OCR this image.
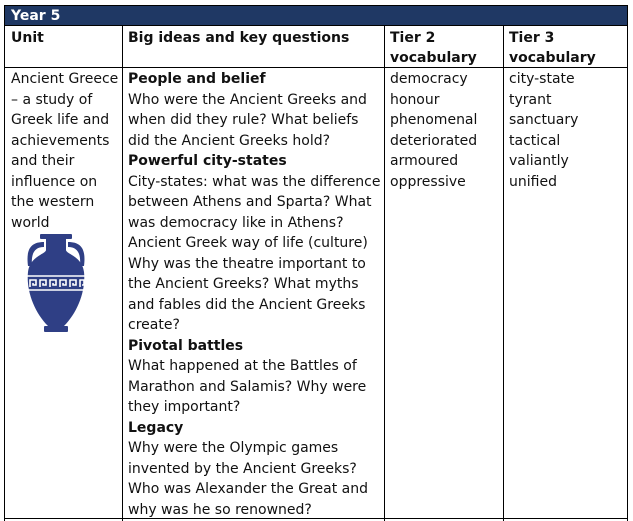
Year 5
Unit	Big ideas and key questions	Tier 2
vocabulary
Tier 3
vocabulary
Ancient Greece
– a study of
Greek life and
achievements
and their
influence on
the western
world
People and belief
Who were the Ancient Greeks and
when did they rule? What beliefs
did the Ancient Greeks hold?
Powerful city-states
City-states: what was the difference
between Athens and Sparta? What
was democracy like in Athens?
Ancient Greek way of life (culture)
Why was the theatre important to
the Ancient Greeks? What myths
and fables did the Ancient Greeks
create?
Pivotal battles
What happened at the Battles of
Marathon and Salamis? Why were
they important?
Legacy
Why were the Olympic games
invented by the Ancient Greeks?
Who was Alexander the Great and
why was he so renowned?
democracy
honour
phenomenal
deteriorated
armoured
oppressive
city-state
tyrant
sanctuary
tactical
valiantly
unified
